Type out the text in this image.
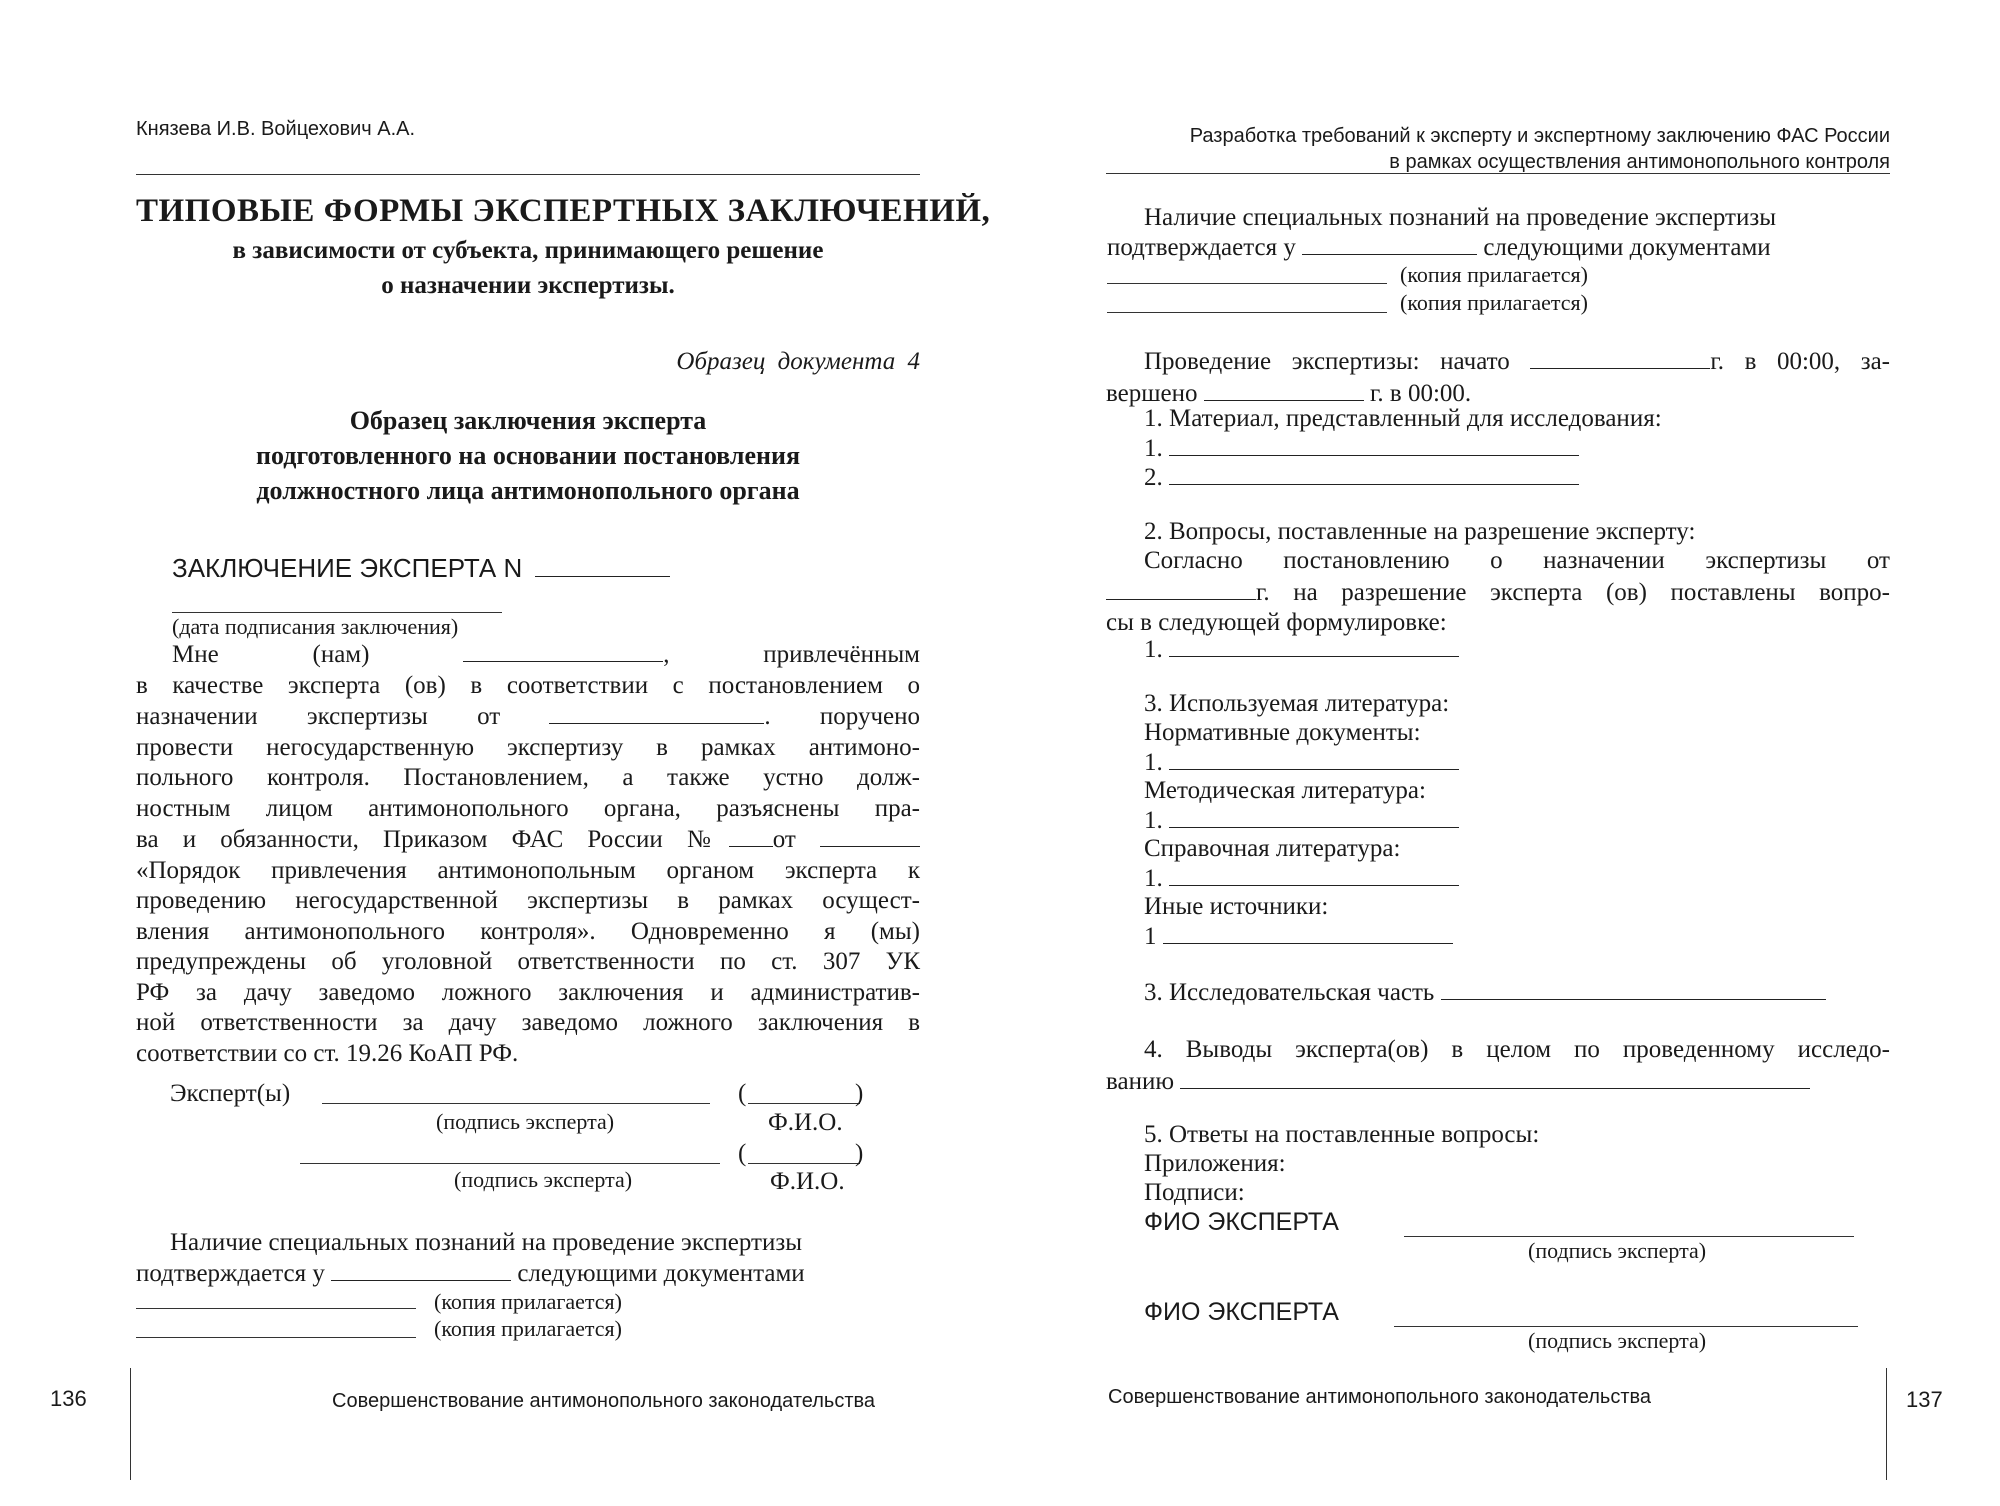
Князева И.В. Войцехович А.А.
ТИПОВЫЕ ФОРМЫ ЭКСПЕРТНЫХ ЗАКЛЮЧЕНИЙ,
в зависимости от субъекта, принимающего решение
о назначении экспертизы.
Образец документа 4
Образец заключения эксперта
подготовленного на основании постановления
должностного лица антимонопольного органа
ЗАКЛЮЧЕНИЕ ЭКСПЕРТА N
(дата подписания заключения)
Мне (нам)	, привлечённым
в качестве эксперта (ов) в соответствии с постановлением о
назначении экспертизы от	. поручено
провести негосударственную экспертизу в рамках антимоно-
польного контроля. Постановлением, а также устно долж-
ностным лицом антимонопольного органа, разъяснены пра-
ва и обязанности, Приказом ФАС России № от
«Порядок привлечения антимонопольным органом эксперта к
проведению негосударственной экспертизы в рамках осущест-
вления антимонопольного контроля». Одновременно я (мы)
предупреждены об уголовной ответственности по ст. 307 УК
РФ за дачу заведомо ложного заключения и административ-
ной ответственности за дачу заведомо ложного заключения в
соответствии со ст. 19.26 КоАП РФ.
Эксперт(ы)	(	)
(подпись эксперта)	Ф.И.О.
(	)
(подпись эксперта)	Ф.И.О.
Наличие специальных познаний на проведение экспертизы
подтверждается у	следующими документами
(копия прилагается)
(копия прилагается)
136	Совершенствование антимонопольного законодательства
Разработка требований к эксперту и экспертному заключению ФАС России
в рамках осуществления антимонопольного контроля
Наличие специальных познаний на проведение экспертизы
подтверждается у	следующими документами
(копия прилагается)
(копия прилагается)
Проведение экспертизы: начато	г. в 00:00, за-
вершено	г. в 00:00.
1. Материал, представленный для исследования:
1.
2.
2. Вопросы, поставленные на разрешение эксперту:
Согласно постановлению о назначении экспертизы от
г. на разрешение эксперта (ов) поставлены вопро-
сы в следующей формулировке:
1.
3. Используемая литература:
Нормативные документы:
1.
Методическая литература:
1.
Справочная литература:
1.
Иные источники:
1
3. Исследовательская часть
4. Выводы эксперта(ов) в целом по проведенному исследо-
ванию
5. Ответы на поставленные вопросы:
Приложения:
Подписи:
ФИО ЭКСПЕРТА
(подпись эксперта)
ФИО ЭКСПЕРТА
(подпись эксперта)
Совершенствование антимонопольного законодательства	137
